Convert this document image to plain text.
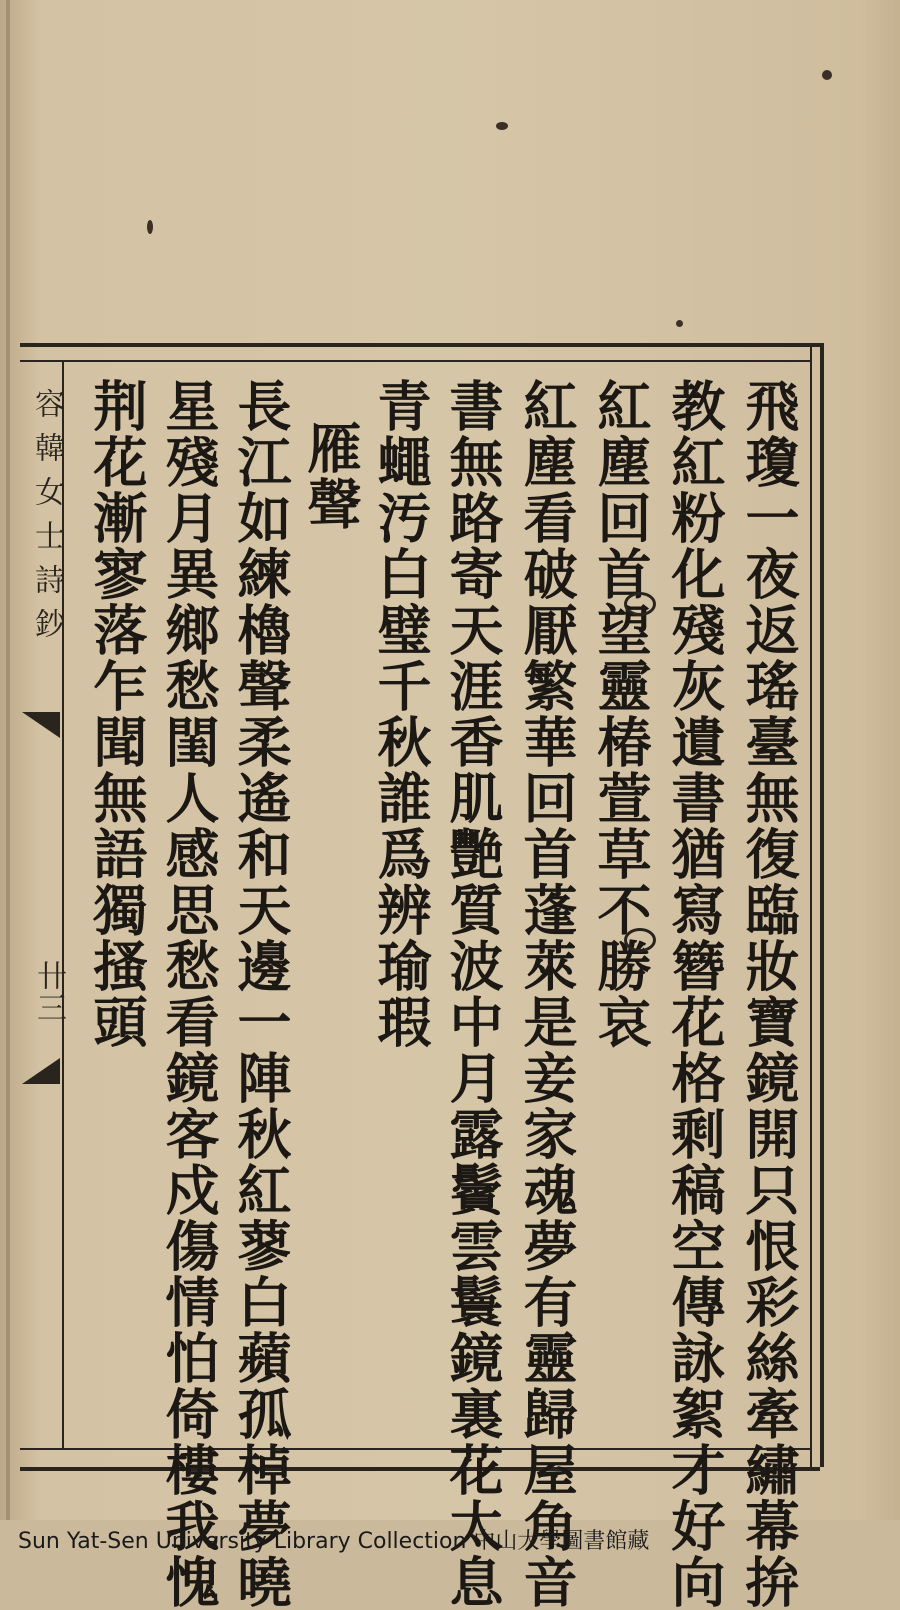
容韓女士詩鈔
卄三	飛瓊一夜返瑤臺無復臨妝寶鏡開只恨彩絲牽繡幕拚
教紅粉化殘灰遺書猶寫簪花格剩稿空傳詠絮才好向
紅塵回首望靈椿萱草不勝哀
紅塵看破厭繁華回首蓬萊是妾家魂夢有靈歸屋角音
書無路寄天涯香肌艷質波中月露鬢雲鬟鏡裏花太息
青蠅汚白璧千秋誰爲辨瑜瑕
雁聲
長江如練櫓聲柔遙和天邊一陣秋紅蓼白蘋孤棹夢曉
星殘月異鄉愁閨人感思愁看鏡客戍傷情怕倚樓我愧
荆花漸寥落乍聞無語獨搔頭
Sun Yat-Sen University Library Collection 中山大學圖書館藏
